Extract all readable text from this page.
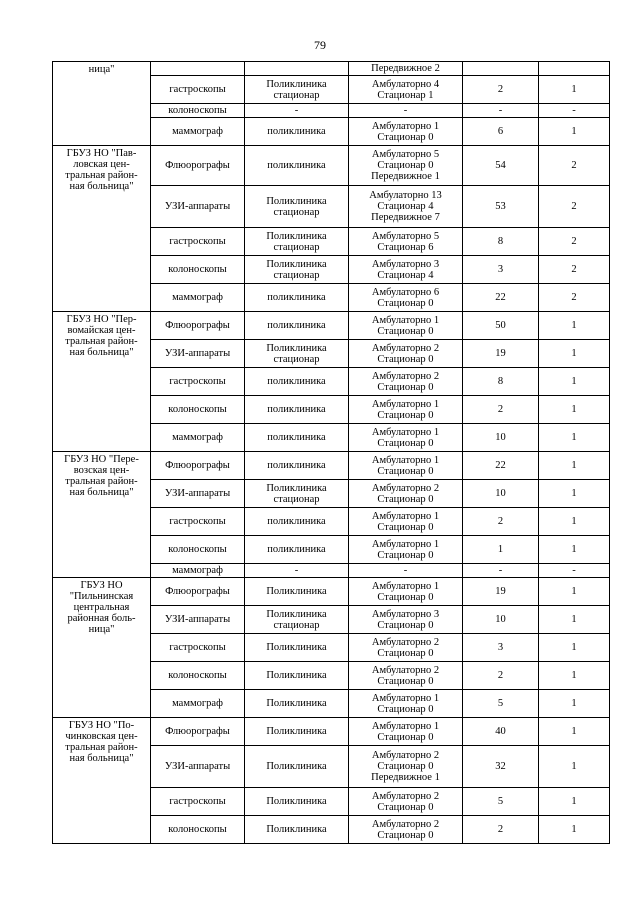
79
ница"			Передвижное 2		

	гастроскопы	Поликлиника
стационар	Амбулаторно 4
Стационар 1	2	1

	колоноскопы	-	-	-	-

	маммограф	поликлиника	Амбулаторно 1
Стационар 0	6	1

ГБУЗ НО "Пав-
ловская цен-
тральная район-
ная больница"	Флюорографы	поликлиника	Амбулаторно 5
Стационар 0
Передвижное 1	54	2

	УЗИ-аппараты	Поликлиника
стационар	Амбулаторно 13
Стационар 4
Передвижное 7	53	2

	гастроскопы	Поликлиника
стационар	Амбулаторно 5
Стационар 6	8	2

	колоноскопы	Поликлиника
стационар	Амбулаторно 3
Стационар 4	3	2

	маммограф	поликлиника	Амбулаторно 6
Стационар 0	22	2

ГБУЗ НО "Пер-
вомайская цен-
тральная район-
ная больница"	Флюорографы	поликлиника	Амбулаторно 1
Стационар 0	50	1

	УЗИ-аппараты	Поликлиника
стационар	Амбулаторно 2
Стационар 0	19	1

	гастроскопы	поликлиника	Амбулаторно 2
Стационар 0	8	1

	колоноскопы	поликлиника	Амбулаторно 1
Стационар 0	2	1

	маммограф	поликлиника	Амбулаторно 1
Стационар 0	10	1

ГБУЗ НО "Пере-
возская цен-
тральная район-
ная больница"	Флюорографы	поликлиника	Амбулаторно 1
Стационар 0	22	1

	УЗИ-аппараты	Поликлиника
стационар	Амбулаторно 2
Стационар 0	10	1

	гастроскопы	поликлиника	Амбулаторно 1
Стационар 0	2	1

	колоноскопы	поликлиника	Амбулаторно 1
Стационар 0	1	1

	маммограф	-	-	-	-

ГБУЗ НО
"Пильнинская
центральная
районная боль-
ница"	Флюорографы	Поликлиника	Амбулаторно 1
Стационар 0	19	1

	УЗИ-аппараты	Поликлиника
стационар	Амбулаторно 3
Стационар 0	10	1

	гастроскопы	Поликлиника	Амбулаторно 2
Стационар 0	3	1

	колоноскопы	Поликлиника	Амбулаторно 2
Стационар 0	2	1

	маммограф	Поликлиника	Амбулаторно 1
Стационар 0	5	1

ГБУЗ НО "По-
чинковская цен-
тральная район-
ная больница"	Флюорографы	Поликлиника	Амбулаторно 1
Стационар 0	40	1

	УЗИ-аппараты	Поликлиника	Амбулаторно 2
Стационар 0
Передвижное 1	32	1

	гастроскопы	Поликлиника	Амбулаторно 2
Стационар 0	5	1

	колоноскопы	Поликлиника	Амбулаторно 2
Стационар 0	2	1
